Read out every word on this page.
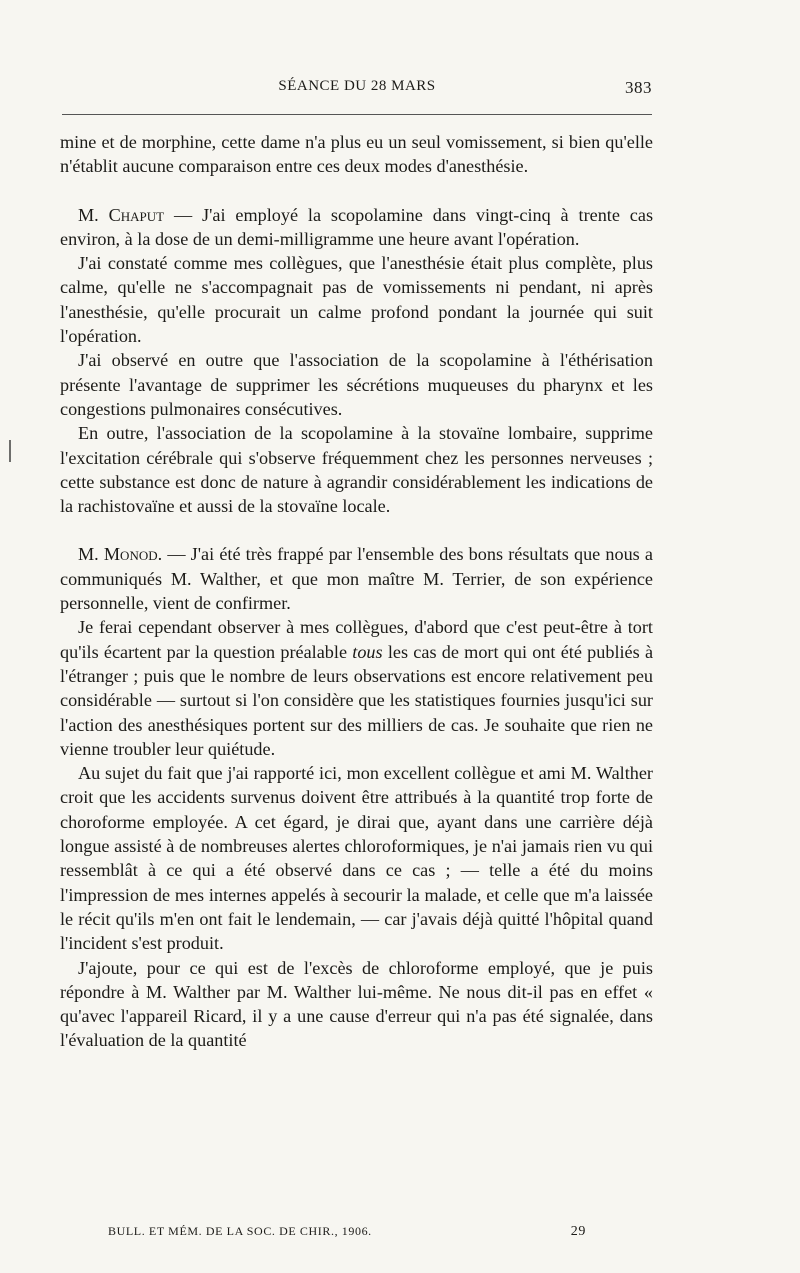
SÉANCE DU 28 MARS	383

mine et de morphine, cette dame n'a plus eu un seul vomissement, si bien qu'elle n'établit aucune comparaison entre ces deux modes d'anesthésie.

M. Chaput — J'ai employé la scopolamine dans vingt-cinq à trente cas environ, à la dose de un demi-milligramme une heure avant l'opération.

J'ai constaté comme mes collègues, que l'anesthésie était plus complète, plus calme, qu'elle ne s'accompagnait pas de vomissements ni pendant, ni après l'anesthésie, qu'elle procurait un calme profond pondant la journée qui suit l'opération.

J'ai observé en outre que l'association de la scopolamine à l'éthérisation présente l'avantage de supprimer les sécrétions muqueuses du pharynx et les congestions pulmonaires consécutives.

En outre, l'association de la scopolamine à la stovaïne lombaire, supprime l'excitation cérébrale qui s'observe fréquemment chez les personnes nerveuses ; cette substance est donc de nature à agrandir considérablement les indications de la rachistovaïne et aussi de la stovaïne locale.

M. Monod. — J'ai été très frappé par l'ensemble des bons résultats que nous a communiqués M. Walther, et que mon maître M. Terrier, de son expérience personnelle, vient de confirmer.

Je ferai cependant observer à mes collègues, d'abord que c'est peut-être à tort qu'ils écartent par la question préalable tous les cas de mort qui ont été publiés à l'étranger ; puis que le nombre de leurs observations est encore relativement peu considérable — surtout si l'on considère que les statistiques fournies jusqu'ici sur l'action des anesthésiques portent sur des milliers de cas. Je souhaite que rien ne vienne troubler leur quiétude.

Au sujet du fait que j'ai rapporté ici, mon excellent collègue et ami M. Walther croit que les accidents survenus doivent être attribués à la quantité trop forte de choroforme employée. A cet égard, je dirai que, ayant dans une carrière déjà longue assisté à de nombreuses alertes chloroformiques, je n'ai jamais rien vu qui ressemblât à ce qui a été observé dans ce cas ; — telle a été du moins l'impression de mes internes appelés à secourir la malade, et celle que m'a laissée le récit qu'ils m'en ont fait le lendemain, — car j'avais déjà quitté l'hôpital quand l'incident s'est produit.

J'ajoute, pour ce qui est de l'excès de chloroforme employé, que je puis répondre à M. Walther par M. Walther lui-même. Ne nous dit-il pas en effet « qu'avec l'appareil Ricard, il y a une cause d'erreur qui n'a pas été signalée, dans l'évaluation de la quantité

BULL. ET MÉM. DE LA SOC. DE CHIR., 1906.	29
